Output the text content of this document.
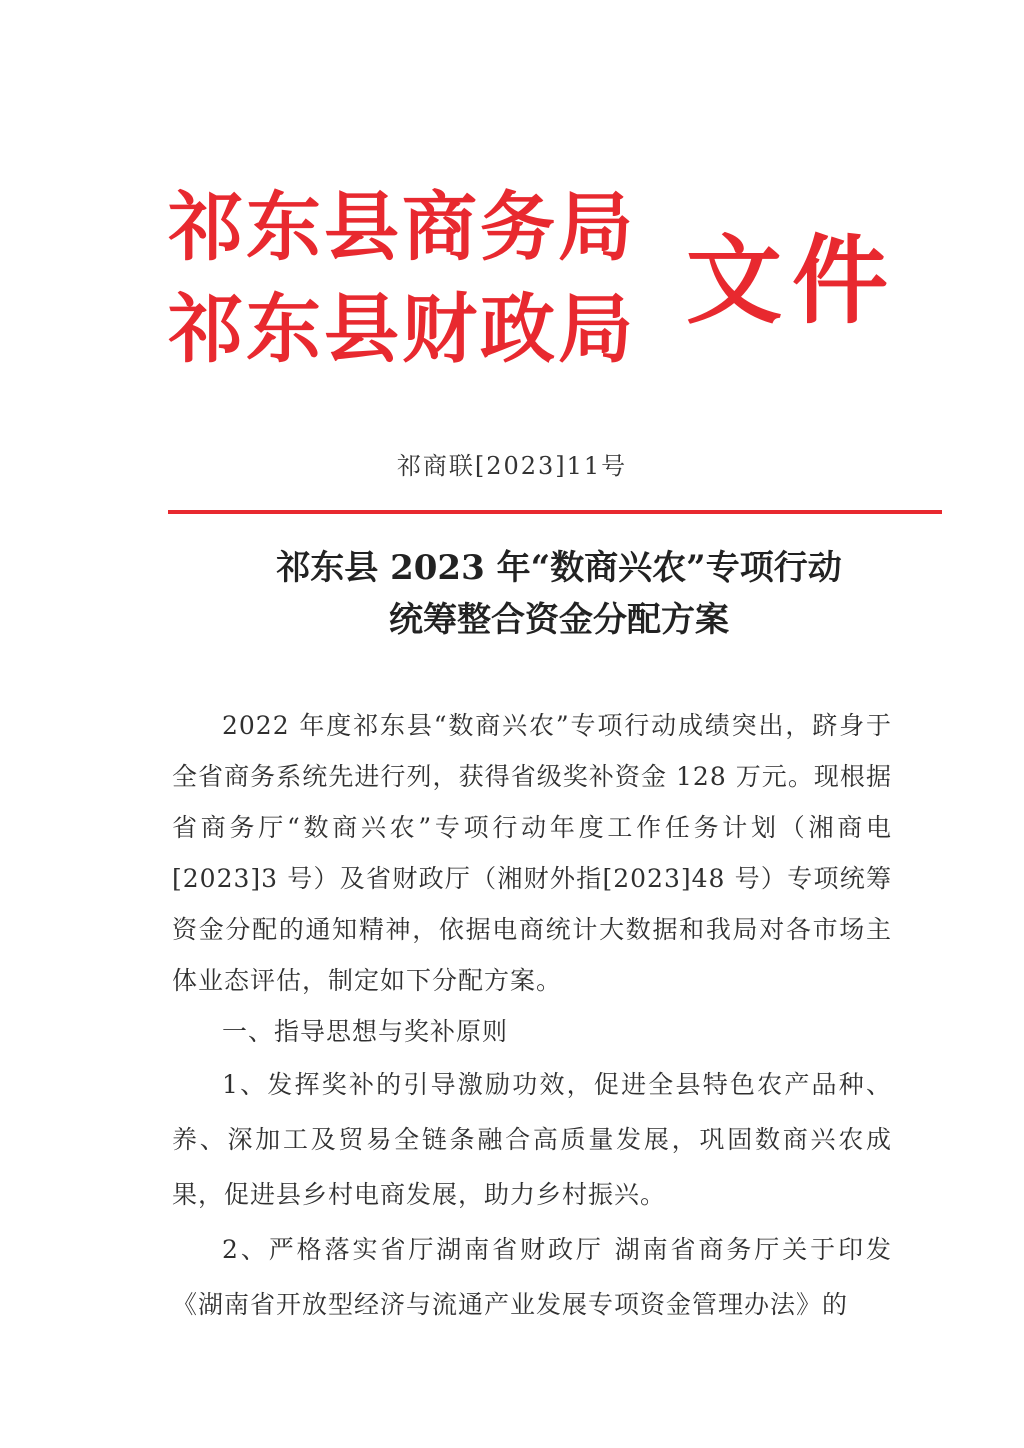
祁东县商务局
祁东县财政局 文件
祁商联[2023]11号
祁东县 2023 年“数商兴农”专项行动
统筹整合资金分配方案

2022 年度祁东县“数商兴农”专项行动成绩突出，跻身于全省商务系统先进行列，获得省级奖补资金 128 万元。现根据省商务厅“数商兴农”专项行动年度工作任务计划（湘商电[2023]3 号）及省财政厅（湘财外指[2023]48 号）专项统筹资金分配的通知精神，依据电商统计大数据和我局对各市场主体业态评估，制定如下分配方案。

一、指导思想与奖补原则

1、发挥奖补的引导激励功效，促进全县特色农产品种、养、深加工及贸易全链条融合高质量发展，巩固数商兴农成果，促进县乡村电商发展，助力乡村振兴。

2、严格落实省厅湖南省财政厅 湖南省商务厅关于印发《湖南省开放型经济与流通产业发展专项资金管理办法》的
